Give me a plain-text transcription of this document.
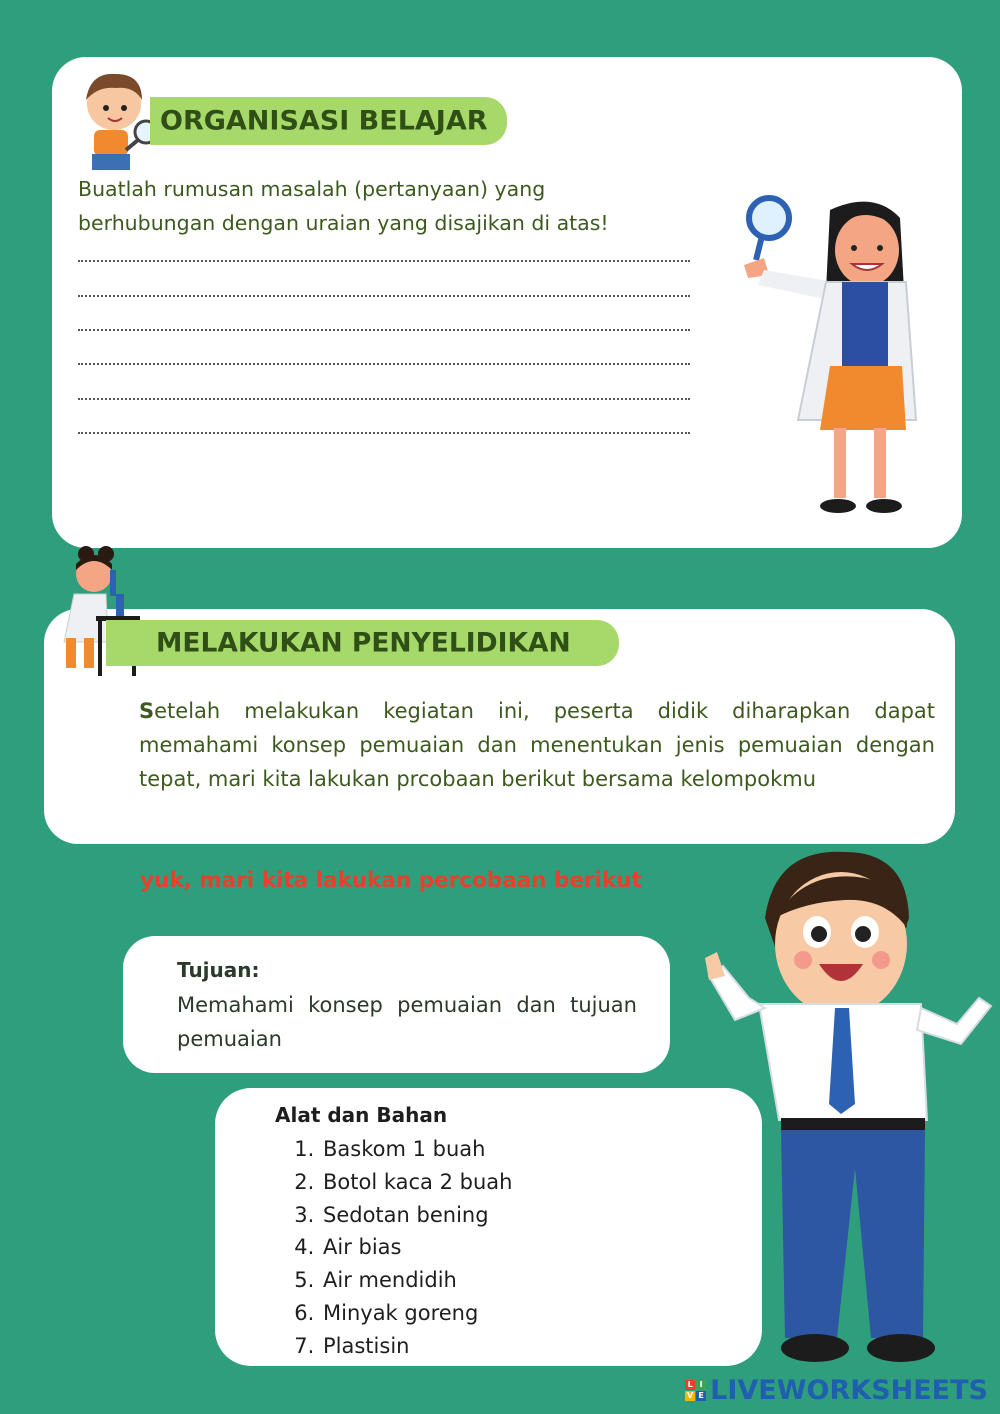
ORGANISASI BELAJAR
Buatlah rumusan masalah (pertanyaan) yang
berhubungan dengan uraian yang disajikan di atas!
MELAKUKAN PENYELIDIKAN
Setelah melakukan kegiatan ini, peserta didik diharapkan dapat memahami konsep pemuaian dan menentukan jenis pemuaian dengan tepat, mari kita lakukan prcobaan berikut bersama kelompokmu
yuk, mari kita lakukan percobaan berikut
Tujuan:
Memahami konsep pemuaian dan tujuan pemuaian
Alat dan Bahan
1. Baskom 1 buah
2. Botol kaca 2 buah
3. Sedotan bening
4. Air bias
5. Air mendidih
6. Minyak goreng
7. Plastisin
L I
V E LIVEWORKSHEETS
